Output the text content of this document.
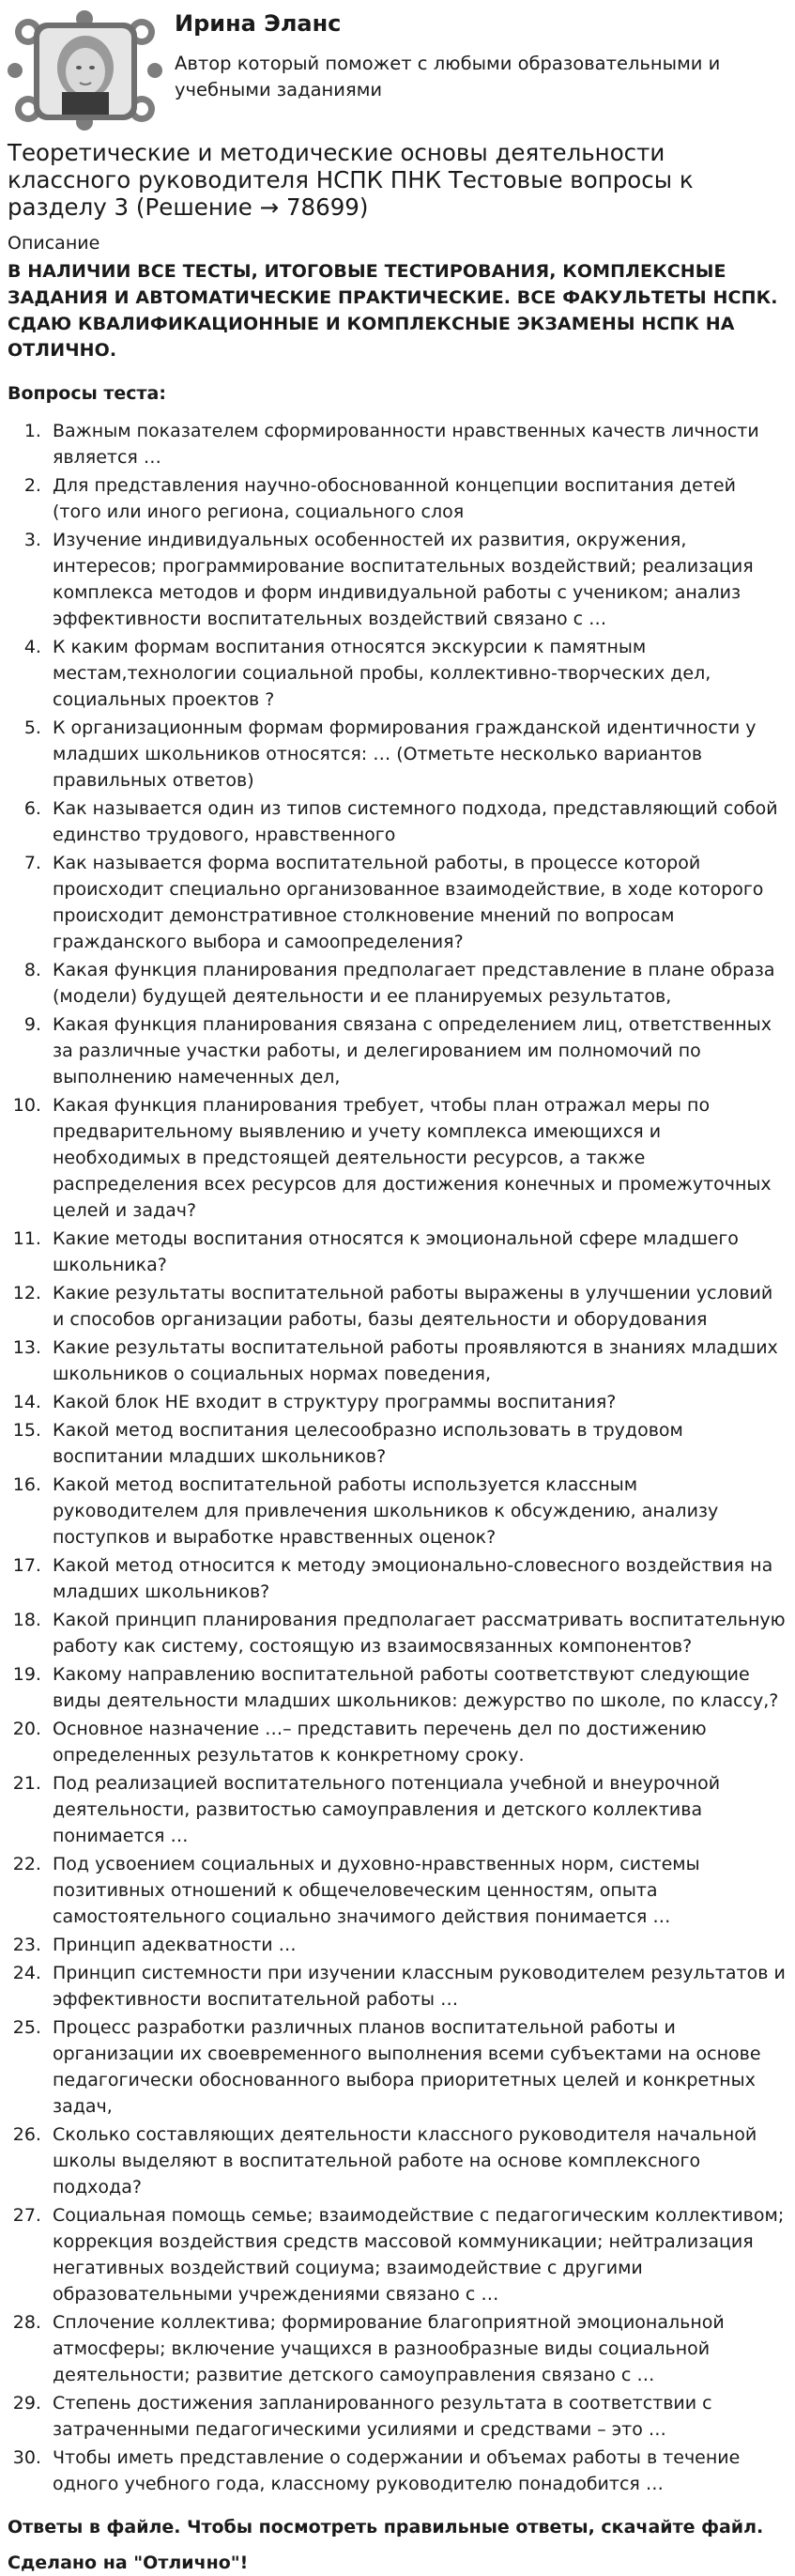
Ирина Эланс
Автор который поможет с любыми образовательными и учебными заданиями
Теоретические и методические основы деятельности классного руководителя НСПК ПНК Тестовые вопросы к разделу 3 (Решение → 78699)
Описание
В НАЛИЧИИ ВСЕ ТЕСТЫ, ИТОГОВЫЕ ТЕСТИРОВАНИЯ, КОМПЛЕКСНЫЕ ЗАДАНИЯ И АВТОМАТИЧЕСКИЕ ПРАКТИЧЕСКИЕ. ВСЕ ФАКУЛЬТЕТЫ НСПК. СДАЮ КВАЛИФИКАЦИОННЫЕ И КОМПЛЕКСНЫЕ ЭКЗАМЕНЫ НСПК НА ОТЛИЧНО.
Вопросы теста:
1. Важным показателем сформированности нравственных качеств личности является …
2. Для представления научно-обоснованной концепции воспитания детей (того или иного региона, социального слоя
3. Изучение индивидуальных особенностей их развития, окружения, интересов; программирование воспитательных воздействий; реализация комплекса методов и форм индивидуальной работы с учеником; анализ эффективности воспитательных воздействий связано с …
4. К каким формам воспитания относятся экскурсии к памятным местам,технологии социальной пробы, коллективно-творческих дел, социальных проектов ?
5. К организационным формам формирования гражданской идентичности у младших школьников относятся: … (Отметьте несколько вариантов правильных ответов)
6. Как называется один из типов системного подхода, представляющий собой единство трудового, нравственного
7. Как называется форма воспитательной работы, в процессе которой происходит специально организованное взаимодействие, в ходе которого происходит демонстративное столкновение мнений по вопросам гражданского выбора и самоопределения?
8. Какая функция планирования предполагает представление в плане образа (модели) будущей деятельности и ее планируемых результатов,
9. Какая функция планирования связана с определением лиц, ответственных за различные участки работы, и делегированием им полномочий по выполнению намеченных дел,
10. Какая функция планирования требует, чтобы план отражал меры по предварительному выявлению и учету комплекса имеющихся и необходимых в предстоящей деятельности ресурсов, а также распределения всех ресурсов для достижения конечных и промежуточных целей и задач?
11. Какие методы воспитания относятся к эмоциональной сфере младшего школьника?
12. Какие результаты воспитательной работы выражены в улучшении условий и способов организации работы, базы деятельности и оборудования
13. Какие результаты воспитательной работы проявляются в знаниях младших школьников о социальных нормах поведения,
14. Какой блок НЕ входит в структуру программы воспитания?
15. Какой метод воспитания целесообразно использовать в трудовом воспитании младших школьников?
16. Какой метод воспитательной работы используется классным руководителем для привлечения школьников к обсуждению, анализу поступков и выработке нравственных оценок?
17. Какой метод относится к методу эмоционально-словесного воздействия на младших школьников?
18. Какой принцип планирования предполагает рассматривать воспитательную работу как систему, состоящую из взаимосвязанных компонентов?
19. Какому направлению воспитательной работы соответствуют следующие виды деятельности младших школьников: дежурство по школе, по классу,?
20. Основное назначение …– представить перечень дел по достижению определенных результатов к конкретному сроку.
21. Под реализацией воспитательного потенциала учебной и внеурочной деятельности, развитостью самоуправления и детского коллектива понимается …
22. Под усвоением социальных и духовно-нравственных норм, системы позитивных отношений к общечеловеческим ценностям, опыта самостоятельного социально значимого действия понимается …
23. Принцип адекватности …
24. Принцип системности при изучении классным руководителем результатов и эффективности воспитательной работы …
25. Процесс разработки различных планов воспитательной работы и организации их своевременного выполнения всеми субъектами на основе педагогически обоснованного выбора приоритетных целей и конкретных задач,
26. Сколько составляющих деятельности классного руководителя начальной школы выделяют в воспитательной работе на основе комплексного подхода?
27. Социальная помощь семье; взаимодействие с педагогическим коллективом; коррекция воздействия средств массовой коммуникации; нейтрализация негативных воздействий социума; взаимодействие с другими образовательными учреждениями связано с …
28. Сплочение коллектива; формирование благоприятной эмоциональной атмосферы; включение учащихся в разнообразные виды социальной деятельности; развитие детского самоуправления связано с …
29. Степень достижения запланированного результата в соответствии с затраченными педагогическими усилиями и средствами – это …
30. Чтобы иметь представление о содержании и объемах работы в течение одного учебного года, классному руководителю понадобится …
Ответы в файле. Чтобы посмотреть правильные ответы, скачайте файл.
Сделано на "Отлично"!
